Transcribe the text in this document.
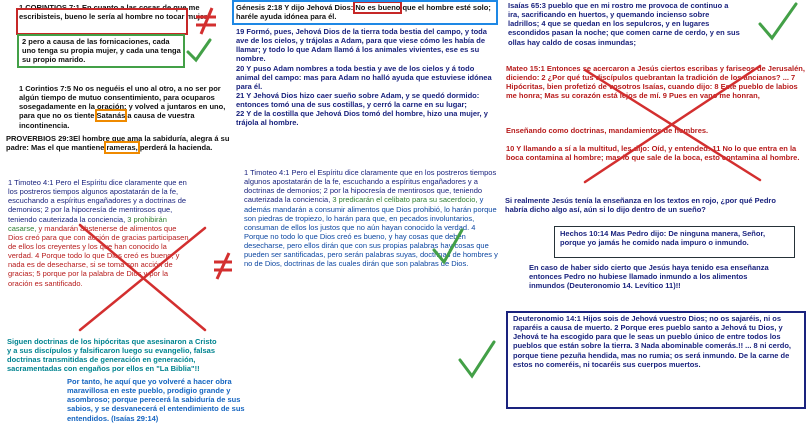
1 CORINTIOS 7:1 En cuanto a las cosas de que me escribisteis, bueno le sería al hombre no tocar mujer.
2 pero a causa de las fornicaciones, cada uno tenga su propia mujer, y cada una tenga su propio marido.
1 Corintios 7:5 No os neguéis el uno al otro, a no ser por algún tiempo de mutuo consentimiento, para ocuparos sosegadamente en la oración; y volved a juntaros en uno, para que no os tiente Satanás a causa de vuestra incontinencia.
PROVERBIOS 29:3El hombre que ama la sabiduría, alegra á su padre: Mas el que mantiene rameras, perderá la hacienda.
1 Timoteo 4:1 Pero el Espíritu dice claramente que en los postreros tiempos algunos apostatarán de la fe, escuchando a espíritus engañadores y a doctrinas de demonios; 2 por la hipocresía de mentirosos que, teniendo cauterizada la conciencia, 3 prohibirán casarse, y mandarán abstenerse de alimentos que Dios creó para que con acción de gracias participasen de ellos los creyentes y los que han conocido la verdad. 4 Porque todo lo que Dios creó es bueno, y nada es de desecharse, si se toma con acción de gracias; 5 porque por la palabra de Dios y por la oración es santificado.
Siguen doctrinas de los hipócritas que asesinaron a Cristo y a sus discípulos y falsificaron luego su evangelio, falsas doctrinas transmitidas de generación en generación, sacramentadas con engaños por ellos en "La Biblia"!!
Por tanto, he aquí que yo volveré a hacer obra maravillosa en este pueblo, prodigio grande y asombroso; porque perecerá la sabiduría de sus sabios, y se desvanecerá el entendimiento de sus entendidos. (Isaías 29:14)
Génesis 2:18 Y dijo Jehová Dios: No es bueno que el hombre esté solo; haréle ayuda idónea para él.

19 Formó, pues, Jehová Dios de la tierra toda bestia del campo, y toda ave de los cielos, y trájolas a Adam, para que viese cómo les había de llamar; y todo lo que Adam llamó á los animales vivientes, ese es su nombre.

20 Y puso Adam nombres a toda bestia y ave de los cielos y á todo animal del campo: mas para Adam no halló ayuda que estuviese idónea para él.

21 Y Jehová Dios hizo caer sueño sobre Adam, y se quedó dormido: entonces tomó una de sus costillas, y cerró la carne en su lugar;

22 Y de la costilla que Jehová Dios tomó del hombre, hizo una mujer, y trájola al hombre.

1 Timoteo 4:1 Pero el Espíritu dice claramente que en los postreros tiempos algunos apostatarán de la fe, escuchando a espíritus engañadores y a doctrinas de demonios; 2 por la hipocresía de mentirosos que, teniendo cauterizada la conciencia, 3 predicarán el celibato para su sacerdocio, y además mandarán a consumir alimentos que Dios prohibió, lo harán porque son piedras de tropiezo, lo harán para que, en pecados involuntarios, consuman de ellos los justos que no aún hayan conocido la verdad. 4 Porque no todo lo que Dios creó es bueno, y hay cosas que deben desecharse, pero ellos dirán que con sus propias palabras hay cosas que pueden ser santificadas, pero serán palabras suyas, doctrinas de hombres y no de Dios, doctrinas de las cuales dirán que son palabras de Dios.
Isaías 65:3 pueblo que en mi rostro me provoca de continuo a ira, sacrificando en huertos, y quemando incienso sobre ladrillos; 4 que se quedan en los sepulcros, y en lugares escondidos pasan la noche; que comen carne de cerdo, y en sus ollas hay caldo de cosas inmundas;
Mateo 15:1 Entonces se acercaron a Jesús ciertos escribas y fariseos de Jerusalén, diciendo: 2 ¿Por qué tus discípulos quebrantan la tradición de los ancianos? ... 7 Hipócritas, bien profetizó de vosotros Isaías, cuando dijo: 8 Este pueblo de labios me honra; Mas su corazón está lejos de mí. 9 Pues en vano me honran,
Enseñando como doctrinas, mandamientos de hombres.
10 Y llamando a sí a la multitud, les dijo: Oíd, y entended: 11 No lo que entra en la boca contamina al hombre; mas lo que sale de la boca, esto contamina al hombre.
Si realmente Jesús tenía la enseñanza en los textos en rojo, ¿por qué Pedro habría dicho algo así, aún si lo dijo dentro de un sueño?
Hechos 10:14 Mas Pedro dijo: De ninguna manera, Señor, porque yo jamás he comido nada impuro o inmundo.
En caso de haber sido cierto que Jesús haya tenido esa enseñanza entonces Pedro no hubiese llamado inmundo a los alimentos inmundos (Deuteronomio 14. Levítico 11)!!
Deuteronomio 14:1 Hijos sois de Jehová vuestro Dios; no os sajaréis, ni os raparéis a causa de muerto. 2 Porque eres pueblo santo a Jehová tu Dios, y Jehová te ha escogido para que le seas un pueblo único de entre todos los pueblos que están sobre la tierra. 3 Nada abominable comerás.!! ... 8 ni cerdo, porque tiene pezuña hendida, mas no rumia; os será inmundo. De la carne de estos no comeréis, ni tocaréis sus cuerpos muertos.
